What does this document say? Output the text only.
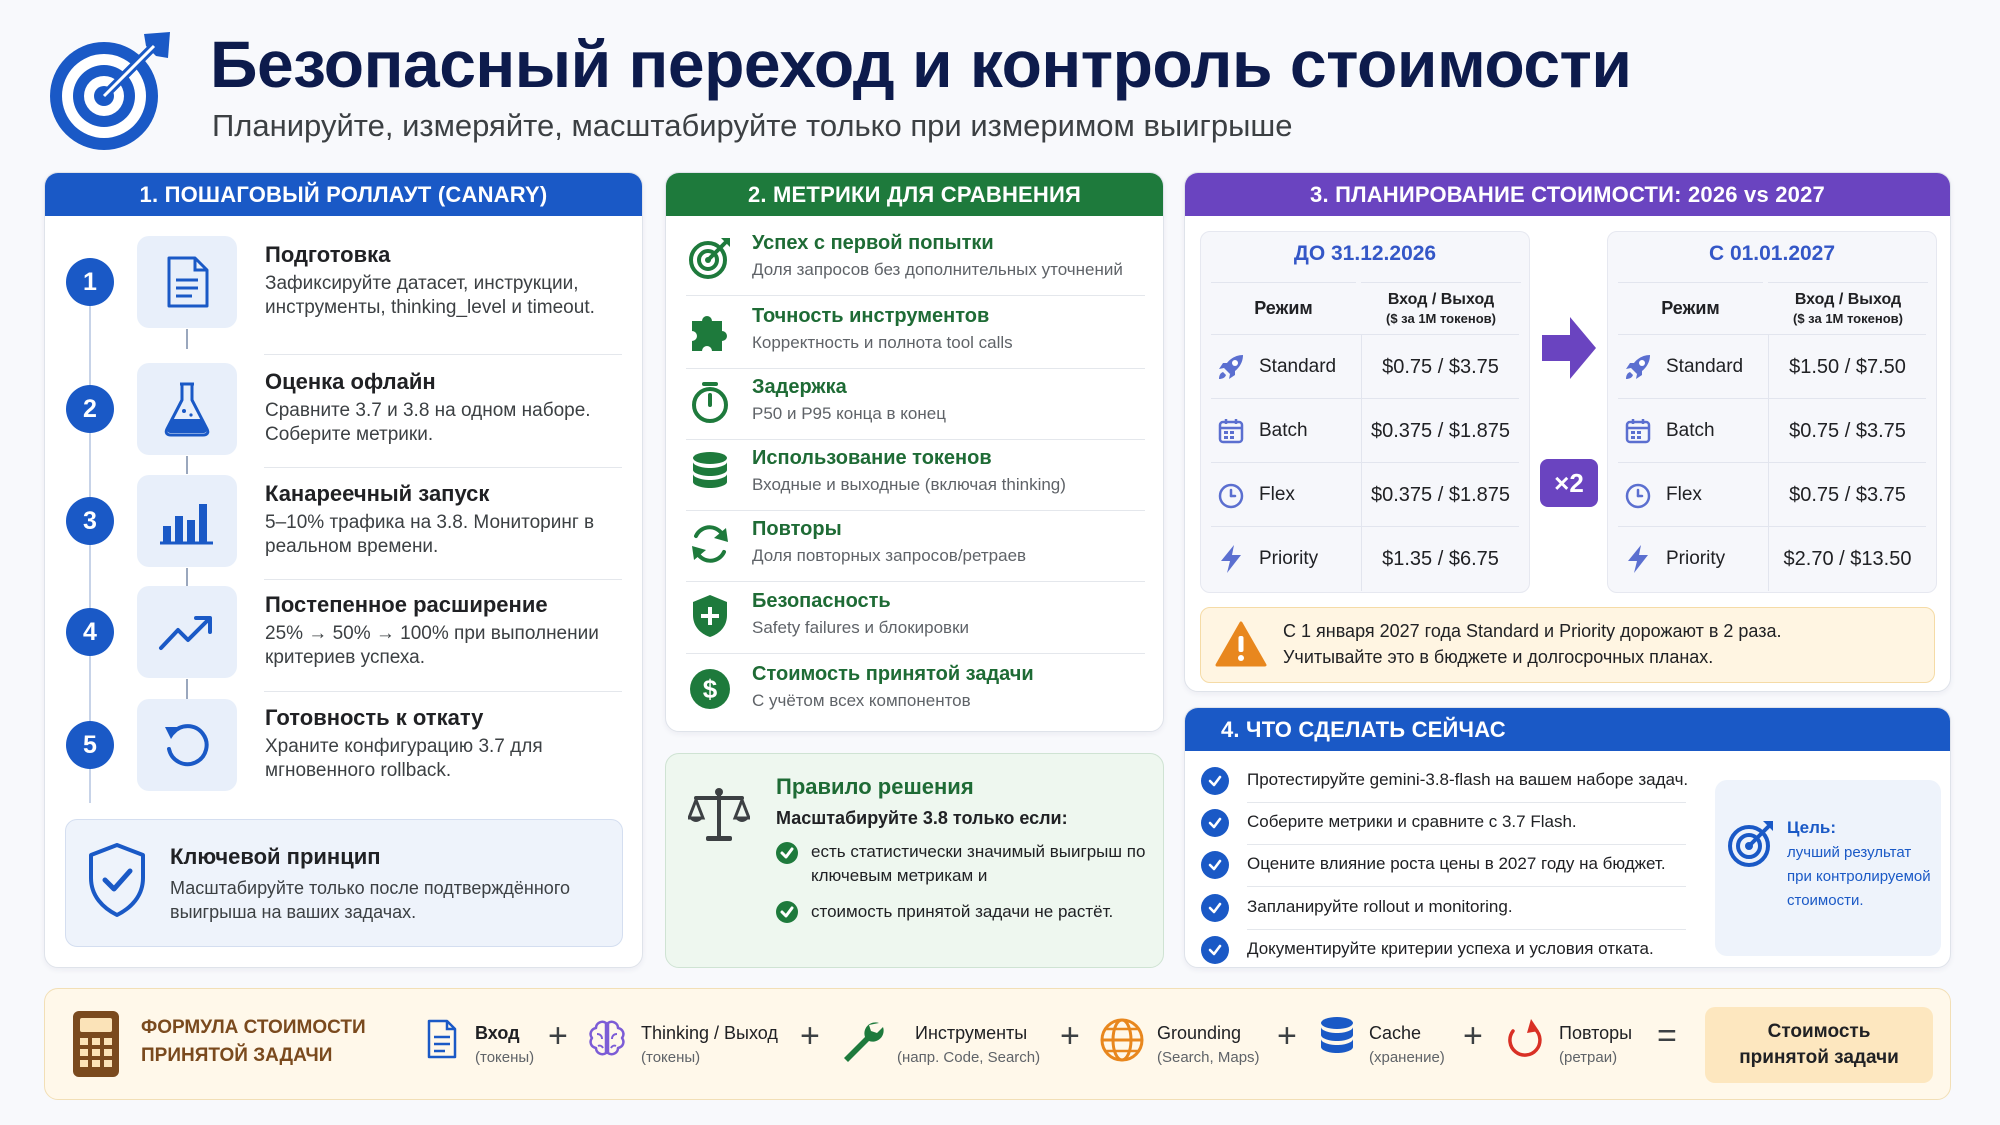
Безопасный переход и контроль стоимости
Планируйте, измеряйте, масштабируйте только при измеримом выигрыше
1. ПОШАГОВЫЙ РОЛЛАУТ (CANARY)
1
Подготовка
Зафиксируйте датасет, инструкции, инструменты, thinking_level и timeout.
2
Оценка офлайн
Сравните 3.7 и 3.8 на одном наборе. Соберите метрики.
3
Канареечный запуск
5–10% трафика на 3.8. Мониторинг в реальном времени.
4
Постепенное расширение
25% → 50% → 100% при выполнении критериев успеха.
5
Готовность к откату
Храните конфигурацию 3.7 для мгновенного rollback.
Ключевой принцип
Масштабируйте только после подтверждённого выигрыша на ваших задачах.
2. МЕТРИКИ ДЛЯ СРАВНЕНИЯ
Успех с первой попытки
Доля запросов без дополнительных уточнений
Точность инструментов
Корректность и полнота tool calls
Задержка
P50 и P95 конца в конец
Использование токенов
Входные и выходные (включая thinking)
Повторы
Доля повторных запросов/ретраев
Безопасность
Safety failures и блокировки
$ Стоимость принятой задачи
С учётом всех компонентов
Правило решения
Масштабируйте 3.8 только если:
есть статистически значимый выигрыш по ключевым метрикам и
стоимость принятой задачи не растёт.
3. ПЛАНИРОВАНИЕ СТОИМОСТИ: 2026 vs 2027
ДО 31.12.2026
Режим	Вход / Выход
($ за 1M токенов)
Standard	$0.75 / $3.75
Batch	$0.375 / $1.875
Flex	$0.375 / $1.875
Priority	$1.35 / $6.75
×2
С 01.01.2027
Режим	Вход / Выход
($ за 1M токенов)
Standard	$1.50 / $7.50
Batch	$0.75 / $3.75
Flex	$0.75 / $3.75
Priority	$2.70 / $13.50
С 1 января 2027 года Standard и Priority дорожают в 2 раза.
Учитывайте это в бюджете и долгосрочных планах.
4. ЧТО СДЕЛАТЬ СЕЙЧАС
Протестируйте gemini-3.8-flash на вашем наборе задач.
Соберите метрики и сравните с 3.7 Flash.
Оцените влияние роста цены в 2027 году на бюджет.
Запланируйте rollout и monitoring.
Документируйте критерии успеха и условия отката.
Цель:
лучший результат
при контролируемой
стоимости.
ФОРМУЛА СТОИМОСТИ
ПРИНЯТОЙ ЗАДАЧИ
Вход
(токены)
+	Thinking / Выход
(токены)
+	Инструменты
(напр. Code, Search)
+	Grounding
(Search, Maps)
+	Cache
(хранение)
+	Повторы
(ретраи)
=	Стоимость
принятой задачи
